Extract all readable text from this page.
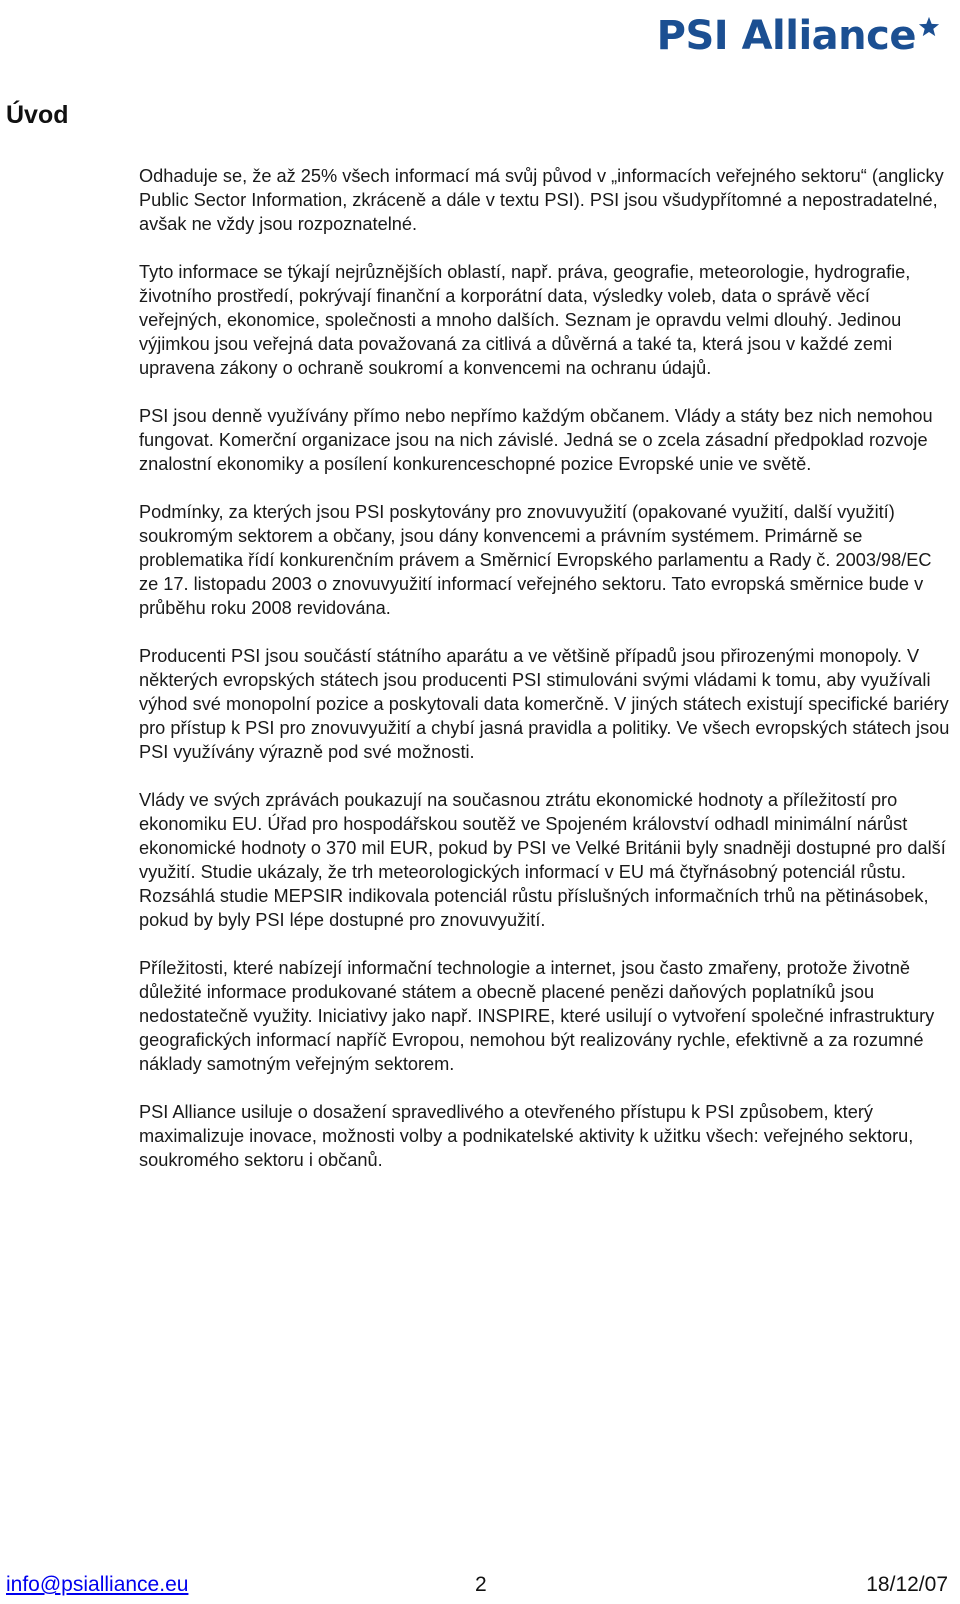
PSI Alliance
Úvod

Odhaduje se, že až 25% všech informací má svůj původ v „informacích veřejného sektoru“ (anglicky Public Sector Information, zkráceně a dále v textu PSI). PSI jsou všudypřítomné a nepostradatelné, avšak ne vždy jsou rozpoznatelné.

Tyto informace se týkají nejrůznějších oblastí, např. práva, geografie, meteorologie, hydrografie, životního prostředí, pokrývají finanční a korporátní data, výsledky voleb, data o správě věcí veřejných, ekonomice, společnosti a mnoho dalších. Seznam je opravdu velmi dlouhý. Jedinou výjimkou jsou veřejná data považovaná za citlivá a důvěrná a také ta, která jsou v každé zemi upravena zákony o ochraně soukromí a konvencemi na ochranu údajů.

PSI jsou denně využívány přímo nebo nepřímo každým občanem. Vlády a státy bez nich nemohou fungovat. Komerční organizace jsou na nich závislé. Jedná se o zcela zásadní předpoklad rozvoje znalostní ekonomiky a posílení konkurenceschopné pozice Evropské unie ve světě.

Podmínky, za kterých jsou PSI poskytovány pro znovuvyužití (opakované využití, další využití) soukromým sektorem a občany, jsou dány konvencemi a právním systémem. Primárně se problematika řídí konkurenčním právem a Směrnicí Evropského parlamentu a Rady č. 2003/98/EC ze 17. listopadu 2003 o znovuvyužití informací veřejného sektoru. Tato evropská směrnice bude v průběhu roku 2008 revidována.

Producenti PSI jsou součástí státního aparátu a ve většině případů jsou přirozenými monopoly. V některých evropských státech jsou producenti PSI stimulováni svými vládami k tomu, aby využívali výhod své monopolní pozice a poskytovali data komerčně. V jiných státech existují specifické bariéry pro přístup k PSI pro znovuvyužití a chybí jasná pravidla a politiky. Ve všech evropských státech jsou PSI využívány výrazně pod své možnosti.

Vlády ve svých zprávách poukazují na současnou ztrátu ekonomické hodnoty a příležitostí pro ekonomiku EU. Úřad pro hospodářskou soutěž ve Spojeném království odhadl minimální nárůst ekonomické hodnoty o 370 mil EUR, pokud by PSI ve Velké Británii byly snadněji dostupné pro další využití. Studie ukázaly, že trh meteorologických informací v EU má čtyřnásobný potenciál růstu. Rozsáhlá studie MEPSIR indikovala potenciál růstu příslušných informačních trhů na pětinásobek, pokud by byly PSI lépe dostupné pro znovuvyužití.

Příležitosti, které nabízejí informační technologie a internet, jsou často zmařeny, protože životně důležité informace produkované státem a obecně placené penězi daňových poplatníků jsou nedostatečně využity. Iniciativy jako např. INSPIRE, které usilují o vytvoření společné infrastruktury geografických informací napříč Evropou, nemohou být realizovány rychle, efektivně a za rozumné náklady samotným veřejným sektorem.

PSI Alliance usiluje o dosažení spravedlivého a otevřeného přístupu k PSI způsobem, který maximalizuje inovace, možnosti volby a podnikatelské aktivity k užitku všech: veřejného sektoru, soukromého sektoru i občanů.

info@psialliance.eu	2	18/12/07
